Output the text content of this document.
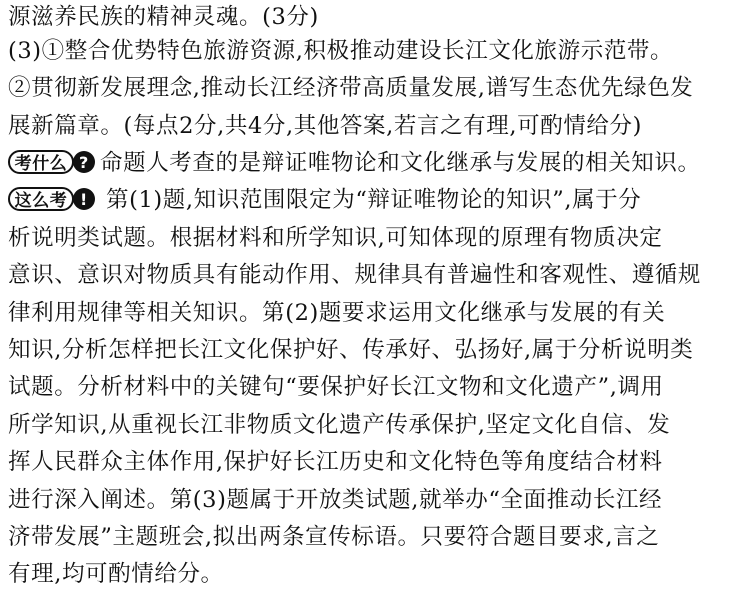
源滋养民族的精神灵魂。(3分)
(3)①整合优势特色旅游资源,积极推动建设长江文化旅游示范带。
②贯彻新发展理念,推动长江经济带高质量发展,谱写生态优先绿色发
展新篇章。(每点2分,共4分,其他答案,若言之有理,可酌情给分)
考什么 ? 命题人考查的是辩证唯物论和文化继承与发展的相关知识。
这么考 ! 第(1)题,知识范围限定为“辩证唯物论的知识”,属于分
析说明类试题。根据材料和所学知识,可知体现的原理有物质决定
意识、意识对物质具有能动作用、规律具有普遍性和客观性、遵循规
律利用规律等相关知识。第(2)题要求运用文化继承与发展的有关
知识,分析怎样把长江文化保护好、传承好、弘扬好,属于分析说明类
试题。分析材料中的关键句“要保护好长江文物和文化遗产”,调用
所学知识,从重视长江非物质文化遗产传承保护,坚定文化自信、发
挥人民群众主体作用,保护好长江历史和文化特色等角度结合材料
进行深入阐述。第(3)题属于开放类试题,就举办“全面推动长江经
济带发展”主题班会,拟出两条宣传标语。只要符合题目要求,言之
有理,均可酌情给分。
